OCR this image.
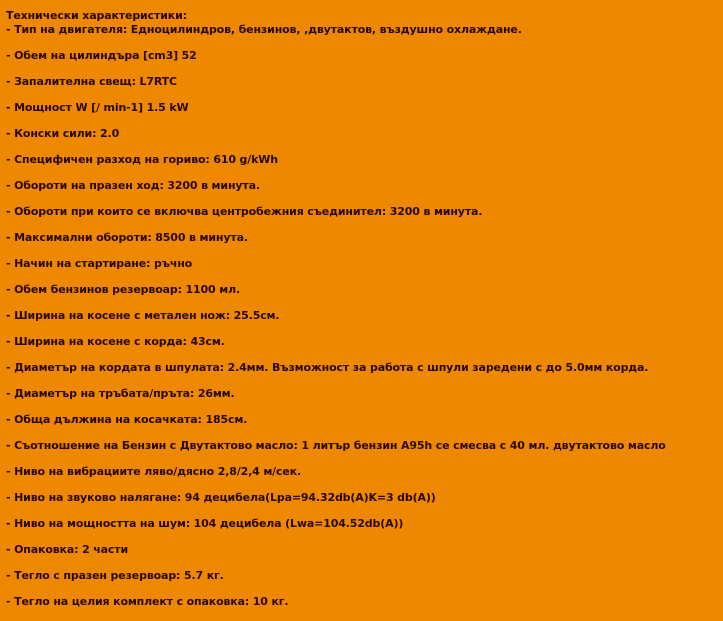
Технически характеристики:
- Тип на двигателя: Едноцилиндров, бензинов, ,двутактов, въздушно охлаждане.
- Обем на цилиндъра [cm3] 52
- Запалителна свещ: L7RTC
- Мощност W [/ min-1] 1.5 kW
- Конски сили: 2.0
- Специфичен разход на гориво: 610 g/kWh
- Обороти на празен ход: 3200 в минута.
- Обороти при които се включва центробежния съединител: 3200 в минута.
- Максимални обороти: 8500 в минута.
- Начин на стартиране: ръчно
- Обем бензинов резервоар: 1100 мл.
- Ширина на косене с метален нож: 25.5см.
- Ширина на косене с корда: 43см.
- Диаметър на кордата в шпулата: 2.4мм. Възможност за работа с шпули заредени с до 5.0мм корда.
- Диаметър на тръбата/пръта: 26мм.
- Обща дължина на косачката: 185см.
- Съотношение на Бензин с Двутактово масло: 1 литър бензин A95h се смесва с 40 мл. двутактово масло
- Ниво на вибрациите ляво/дясно 2,8/2,4 м/сек.
- Ниво на звуково налягане: 94 децибела(Lpa=94.32db(A)K=3 db(A))
- Ниво на мощността на шум: 104 децибела (Lwa=104.52db(A))
- Опаковка: 2 части
- Тегло с празен резервоар: 5.7 кг.
- Тегло на целия комплект с опаковка: 10 кг.
